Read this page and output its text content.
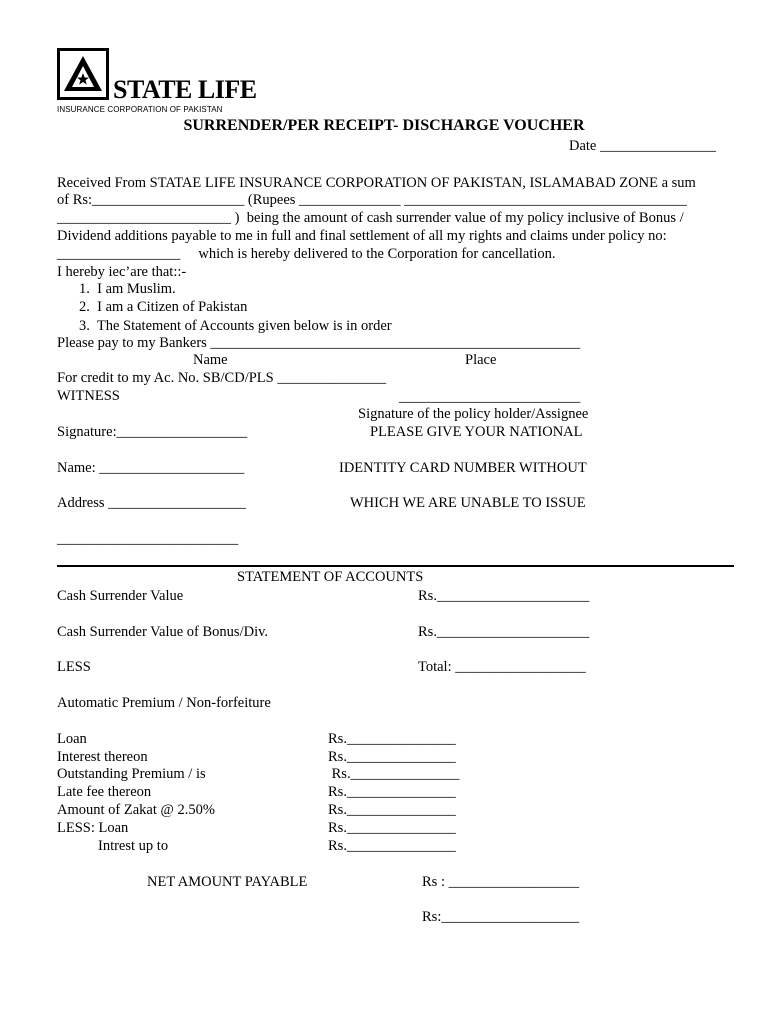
STATE LIFE
INSURANCE CORPORATION OF PAKISTAN
SURRENDER/PER RECEIPT- DISCHARGE VOUCHER
Date ________________
Received From STATAE LIFE INSURANCE CORPORATION OF PAKISTAN, ISLAMABAD ZONE a sum
of Rs:_____________________ (Rupees ______________ _______________________________________
________________________ )  being the amount of cash surrender value of my policy inclusive of Bonus /
Dividend additions payable to me in full and final settlement of all my rights and claims under policy no:
_________________     which is hereby delivered to the Corporation for cancellation.
I hereby iec’are that::-
1.  I am Muslim.
2.  I am a Citizen of Pakistan
3.  The Statement of Accounts given below is in order
Please pay to my Bankers ___________________________________________________
Name	Place
For credit to my Ac. No. SB/CD/PLS _______________
WITNESS	_________________________
Signature of the policy holder/Assignee
Signature:__________________	PLEASE GIVE YOUR NATIONAL
Name: ____________________	IDENTITY CARD NUMBER WITHOUT
Address ___________________	WHICH WE ARE UNABLE TO ISSUE
_________________________
STATEMENT OF ACCOUNTS
Cash Surrender Value	Rs._____________________
Cash Surrender Value of Bonus/Div.	Rs._____________________
LESS	Total: __________________
Automatic Premium / Non-forfeiture
Loan	Rs._______________
Interest thereon	Rs._______________
Outstanding Premium / is	Rs._______________
Late fee thereon	Rs._______________
Amount of Zakat @ 2.50%	Rs._______________
LESS: Loan	Rs._______________
Intrest up to	Rs._______________
NET AMOUNT PAYABLE	Rs : __________________
Rs:___________________
